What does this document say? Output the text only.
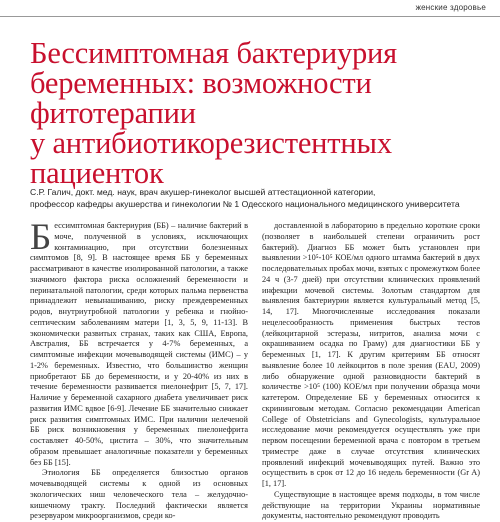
женские здоровье
Бессимптомная бактериурия
беременных: возможности
фитотерапии
у антибиотикорезистентных
пациенток
С.Р. Галич, докт. мед. наук, врач акушер-гинеколог высшей аттестационной категории,
профессор кафедры акушерства и гинекологии № 1 Одесского национального медицинского университета

Бессимптомная бактериурия (ББ) – наличие бактерий в моче, полученной в условиях, исключающих контаминацию, при отсутствии болезненных симптомов [8, 9]. В настоящее время ББ у беременных рассматривают в качестве изолированной патологии, а также значимого фактора риска осложнений беременности и перинатальной патологии, среди которых пальма первенства принадлежит невынашиванию, риску преждевременных родов, внутриутробной патологии у ребенка и гнойно-септическим заболеваниям матери [1, 3, 5, 9, 11-13]. В экономически развитых странах, таких как США, Европа, Австралия, ББ встречается у 4-7% беременных, а симптомные инфекции мочевыводящей системы (ИМС) – у 1-2% беременных. Известно, что большинство женщин приобретают ББ до беременности, и у 20-40% из них в течение беременности развивается пиелонефрит [5, 7, 17]. Наличие у беременной сахарного диабета увеличивает риск развития ИМС вдвое [6-9]. Лечение ББ значительно снижает риск развития симптомных ИМС. При наличии нелеченой ББ риск возникновения у беременных пиелонефрита составляет 40-50%, цистита – 30%, что значительным образом превышает аналогичные показатели у беременных без ББ [15].

Этиология ББ определяется близостью органов мочевыводящей системы к одной из основных экологических ниш человеческого тела – желудочно-кишечному тракту. Последний фактически является резервуаром микроорганизмов, среди ко-

доставленной в лабораторию в предельно короткие сроки (позволяет в наибольшей степени ограничить рост бактерий). Диагноз ББ может быть установлен при выявлении >10⁵-10⁵ КОЕ/мл одного штамма бактерий в двух последовательных пробах мочи, взятых с промежутком более 24 ч (3-7 дней) при отсутствии клинических проявлений инфекции мочевой системы. Золотым стандартом для выявления бактериурии является культуральный метод [5, 14, 17]. Многочисленные исследования показали нецелесообразность применения быстрых тестов (лейкоцитарной эстеразы, нитритов, анализа мочи с окрашиванием осадка по Граму) для диагностики ББ у беременных [1, 17]. К другим критериям ББ относят выявление более 10 лейкоцитов в поле зрения (EAU, 2009) либо обнаружение одной разновидности бактерий в количестве >10⁵ (100) КОЕ/мл при получении образца мочи катетером. Определение ББ у беременных относится к скрининговым методам. Согласно рекомендации American College of Obstetricians and Gynecologists, культуральное исследование мочи рекомендуется осуществлять уже при первом посещении беременной врача с повтором в третьем триместре даже в случае отсутствия клинических проявлений инфекций мочевыводящих путей. Важно это осуществить в срок от 12 до 16 недель беременности (Gr A) [1, 17].

Существующие в настоящее время подходы, в том числе действующие на территории Украины нормативные документы, настоятельно рекомендуют проводить
